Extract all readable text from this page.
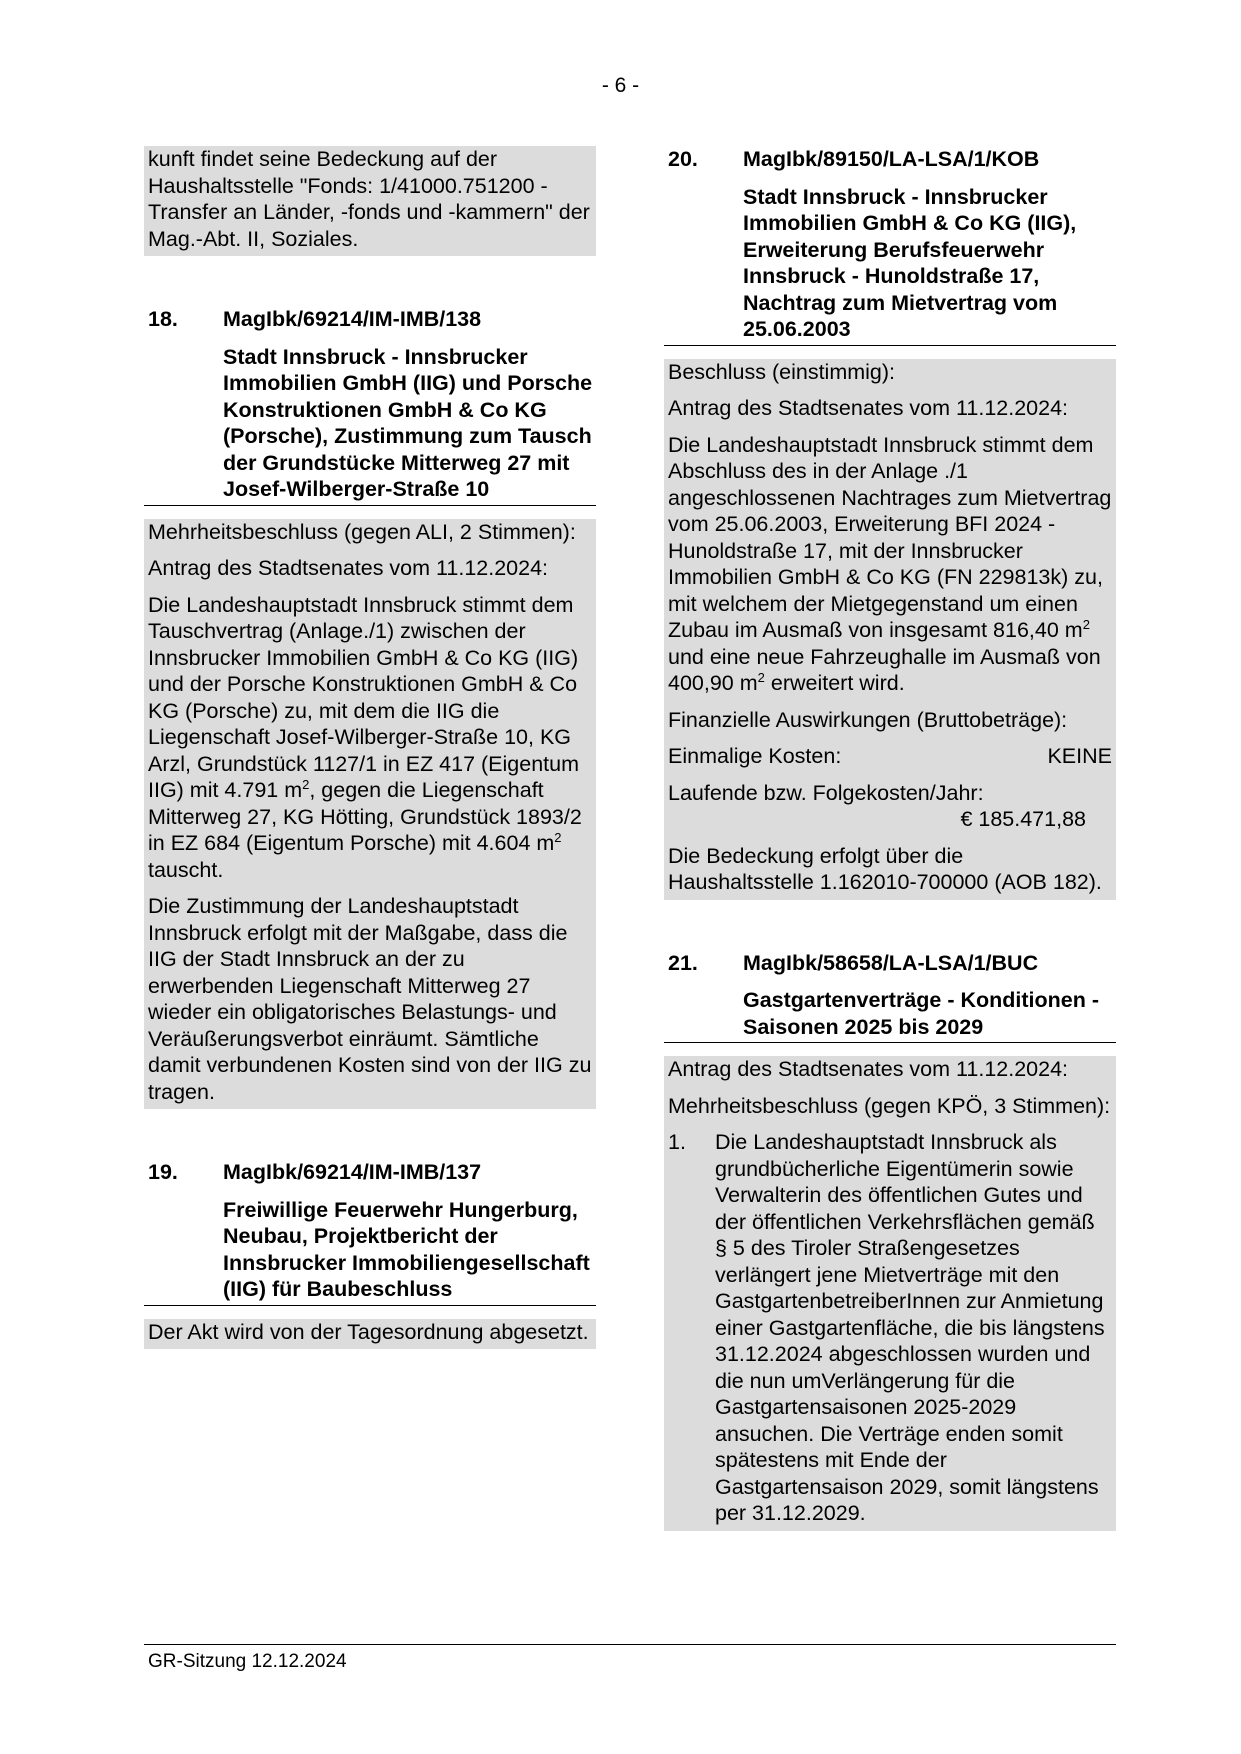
- 6 -

kunft findet seine Bedeckung auf der Haushaltsstelle "Fonds: 1/41000.751200 - Transfer an Länder, -fonds und -kammern" der Mag.-Abt. II, Soziales.

18.	MagIbk/69214/IM-IMB/138
Stadt Innsbruck - Innsbrucker Immobilien GmbH (IIG) und Porsche Konstruktionen GmbH & Co KG (Porsche), Zustimmung zum Tausch der Grundstücke Mitterweg 27 mit Josef-Wilberger-Straße 10

Mehrheitsbeschluss (gegen ALI, 2 Stimmen):

Antrag des Stadtsenates vom 11.12.2024:

Die Landeshauptstadt Innsbruck stimmt dem Tauschvertrag (Anlage./1) zwischen der Innsbrucker Immobilien GmbH & Co KG (IIG) und der Porsche Konstruktionen GmbH & Co KG (Porsche) zu, mit dem die IIG die Liegenschaft Josef-Wilberger-Straße 10, KG Arzl, Grundstück 1127/1 in EZ 417 (Eigentum IIG) mit 4.791 $m^2$, gegen die Liegenschaft Mitterweg 27, KG Hötting, Grundstück 1893/2 in EZ 684 (Eigentum Porsche) mit 4.604 $m^2$ tauscht.

Die Zustimmung der Landeshauptstadt Innsbruck erfolgt mit der Maßgabe, dass die IIG der Stadt Innsbruck an der zu erwerbenden Liegenschaft Mitterweg 27 wieder ein obligatorisches Belastungs- und Veräußerungsverbot einräumt. Sämtliche damit verbundenen Kosten sind von der IIG zu tragen.

19.	MagIbk/69214/IM-IMB/137
Freiwillige Feuerwehr Hungerburg, Neubau, Projektbericht der Innsbrucker Immobiliengesellschaft (IIG) für Baubeschluss

Der Akt wird von der Tagesordnung abgesetzt.

20.	MagIbk/89150/LA-LSA/1/KOB
Stadt Innsbruck - Innsbrucker Immobilien GmbH & Co KG (IIG), Erweiterung Berufsfeuerwehr Innsbruck - Hunoldstraße 17, Nachtrag zum Mietvertrag vom 25.06.2003

Beschluss (einstimmig):

Antrag des Stadtsenates vom 11.12.2024:

Die Landeshauptstadt Innsbruck stimmt dem Abschluss des in der Anlage ./1 angeschlossenen Nachtrages zum Mietvertrag vom 25.06.2003, Erweiterung BFI 2024 - Hunoldstraße 17, mit der Innsbrucker Immobilien GmbH & Co KG (FN 229813k) zu, mit welchem der Mietgegenstand um einen Zubau im Ausmaß von insgesamt 816,40 $m^2$ und eine neue Fahrzeughalle im Ausmaß von 400,90 $m^2$ erweitert wird.

Finanzielle Auswirkungen (Bruttobeträge):

Einmalige Kosten:	KEINE

Laufende bzw. Folgekosten/Jahr:

€ 185.471,88

Die Bedeckung erfolgt über die Haushaltsstelle 1.162010-700000 (AOB 182).

21.	MagIbk/58658/LA-LSA/1/BUC
Gastgartenverträge - Konditionen - Saisonen 2025 bis 2029

Antrag des Stadtsenates vom 11.12.2024:

Mehrheitsbeschluss (gegen KPÖ, 3 Stimmen):

1.	Die Landeshauptstadt Innsbruck als grundbücherliche Eigentümerin sowie Verwalterin des öffentlichen Gutes und der öffentlichen Verkehrsflächen gemäß § 5 des Tiroler Straßengesetzes verlängert jene Mietverträge mit den GastgartenbetreiberInnen zur Anmietung einer Gastgartenfläche, die bis längstens 31.12.2024 abgeschlossen wurden und die nun umVerlängerung für die Gastgartensaisonen 2025-2029 ansuchen. Die Verträge enden somit spätestens mit Ende der Gastgartensaison 2029, somit längstens per 31.12.2029.
GR-Sitzung 12.12.2024
